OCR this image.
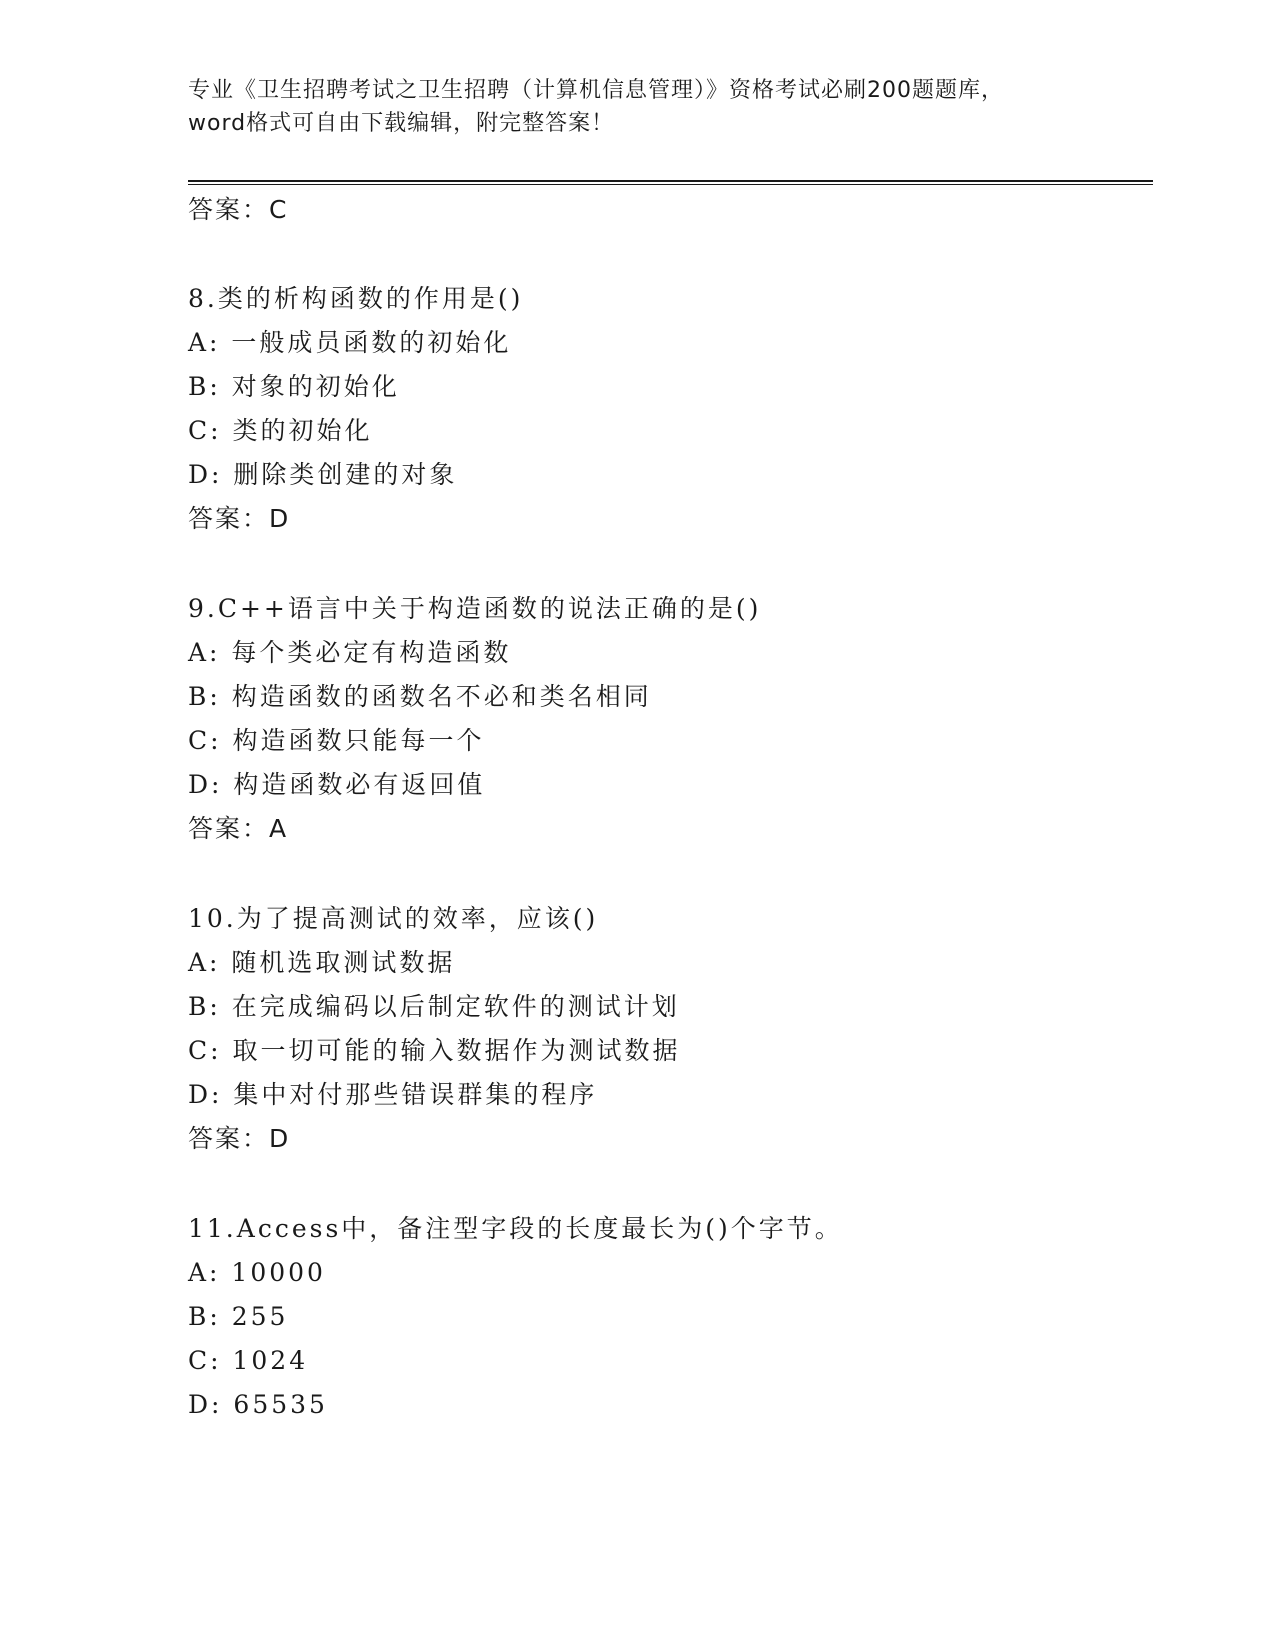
专业《卫生招聘考试之卫生招聘（计算机信息管理）》资格考试必刷200题题库，
word格式可自由下载编辑，附完整答案！
答案：C
8.类的析构函数的作用是()
A: 一般成员函数的初始化
B: 对象的初始化
C: 类的初始化
D: 删除类创建的对象
答案：D
9.C++语言中关于构造函数的说法正确的是()
A: 每个类必定有构造函数
B: 构造函数的函数名不必和类名相同
C: 构造函数只能每一个
D: 构造函数必有返回值
答案：A
10.为了提高测试的效率，应该()
A: 随机选取测试数据
B: 在完成编码以后制定软件的测试计划
C: 取一切可能的输入数据作为测试数据
D: 集中对付那些错误群集的程序
答案：D
11.Access中，备注型字段的长度最长为()个字节。
A: 10000
B: 255
C: 1024
D: 65535
